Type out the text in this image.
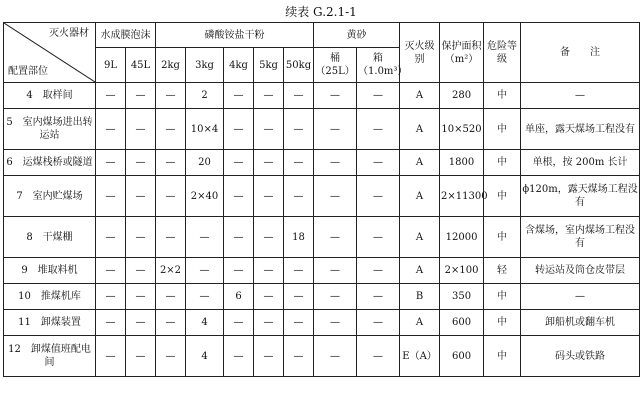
续表 G.2.1-1
灭火器材
配置部位	水成膜泡沫		磷酸铵盐干粉					黄砂		灭火级别	保护面积（m²）	危险等级	备　　注
	9L	45L	2kg	3kg	4kg	5kg	50kg	桶（25L）	箱（1.0m³）				
4　取样间	—	—	—	2	—	—	—	—	—	A	280	中	—
5　室内煤场进出转运站	—	—	—	10×4	—	—	—	—	—	A	10×520	中	单座，露天煤场工程没有
6　运煤栈桥或隧道	—	—	—	20	—	—	—	—	—	A	1800	中	单根，按 200m 长计
7　室内贮煤场	—	—	—	2×40	—	—	—	—	—	A	2×11300	中	ϕ120m，露天煤场工程没有
8　干煤棚	—	—	—	—	—	—	18	—	—	A	12000	中	含煤场，室内煤场工程没有
9　堆取料机	—	—	2×2	—	—	—	—	—	—	A	2×100	轻	转运站及筒仓皮带层
10　推煤机库	—	—	—	—	6	—	—	—	—	B	350	中	—
11　卸煤装置	—	—	—	4	—	—	—	—	—	A	600	中	卸船机或翻车机
12　卸煤值班配电间	—	—	—	4	—	—	—	—	—	E（A）	600	中	码头或铁路
